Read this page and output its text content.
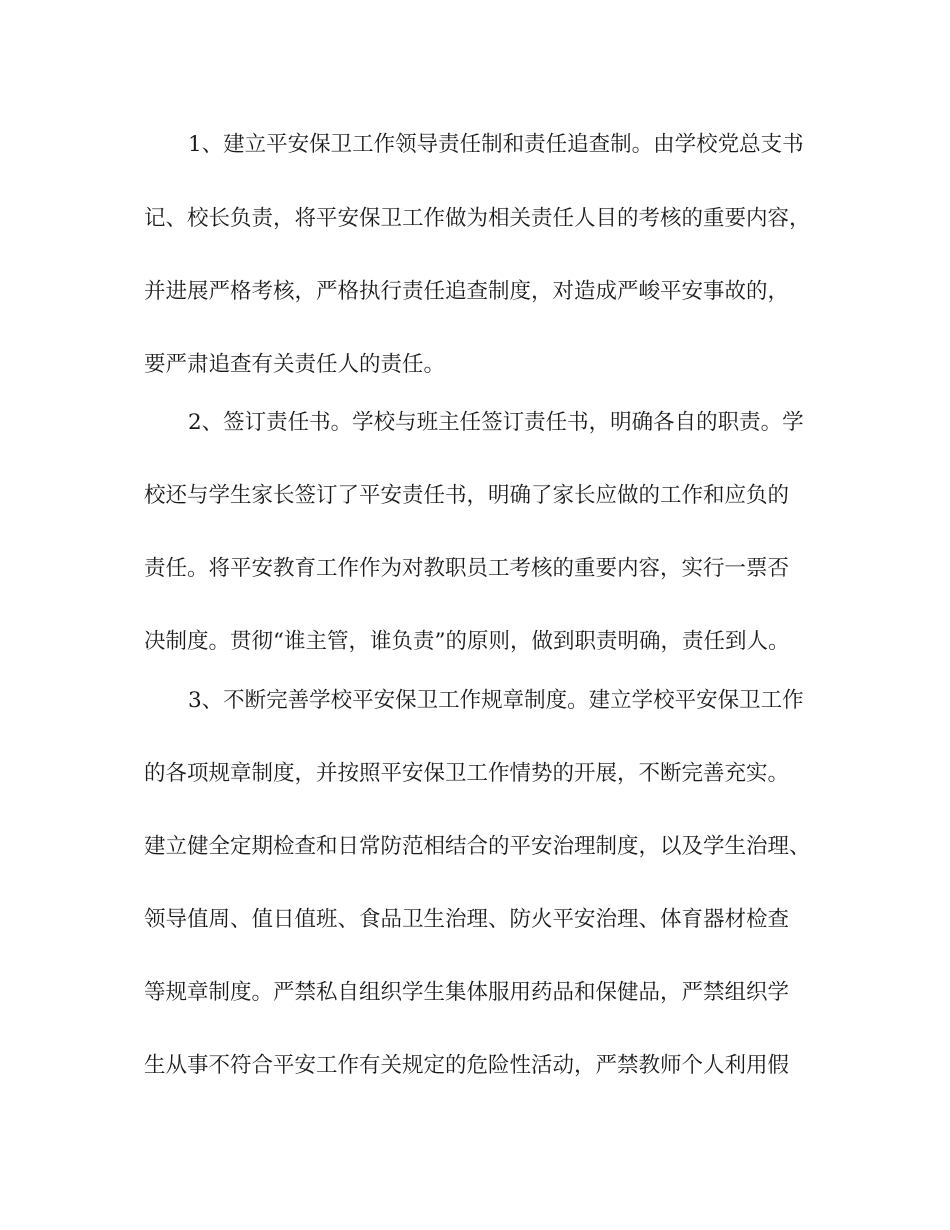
1、建立平安保卫工作领导责任制和责任追查制。由学校党总支书
记、校长负责，将平安保卫工作做为相关责任人目的考核的重要内容，
并进展严格考核，严格执行责任追查制度，对造成严峻平安事故的，
要严肃追查有关责任人的责任。
2、签订责任书。学校与班主任签订责任书，明确各自的职责。学
校还与学生家长签订了平安责任书，明确了家长应做的工作和应负的
责任。将平安教育工作作为对教职员工考核的重要内容，实行一票否
决制度。贯彻“谁主管，谁负责”的原则，做到职责明确，责任到人。
3、不断完善学校平安保卫工作规章制度。建立学校平安保卫工作
的各项规章制度，并按照平安保卫工作情势的开展，不断完善充实。
建立健全定期检查和日常防范相结合的平安治理制度，以及学生治理、
领导值周、值日值班、食品卫生治理、防火平安治理、体育器材检查
等规章制度。严禁私自组织学生集体服用药品和保健品，严禁组织学
生从事不符合平安工作有关规定的危险性活动，严禁教师个人利用假
